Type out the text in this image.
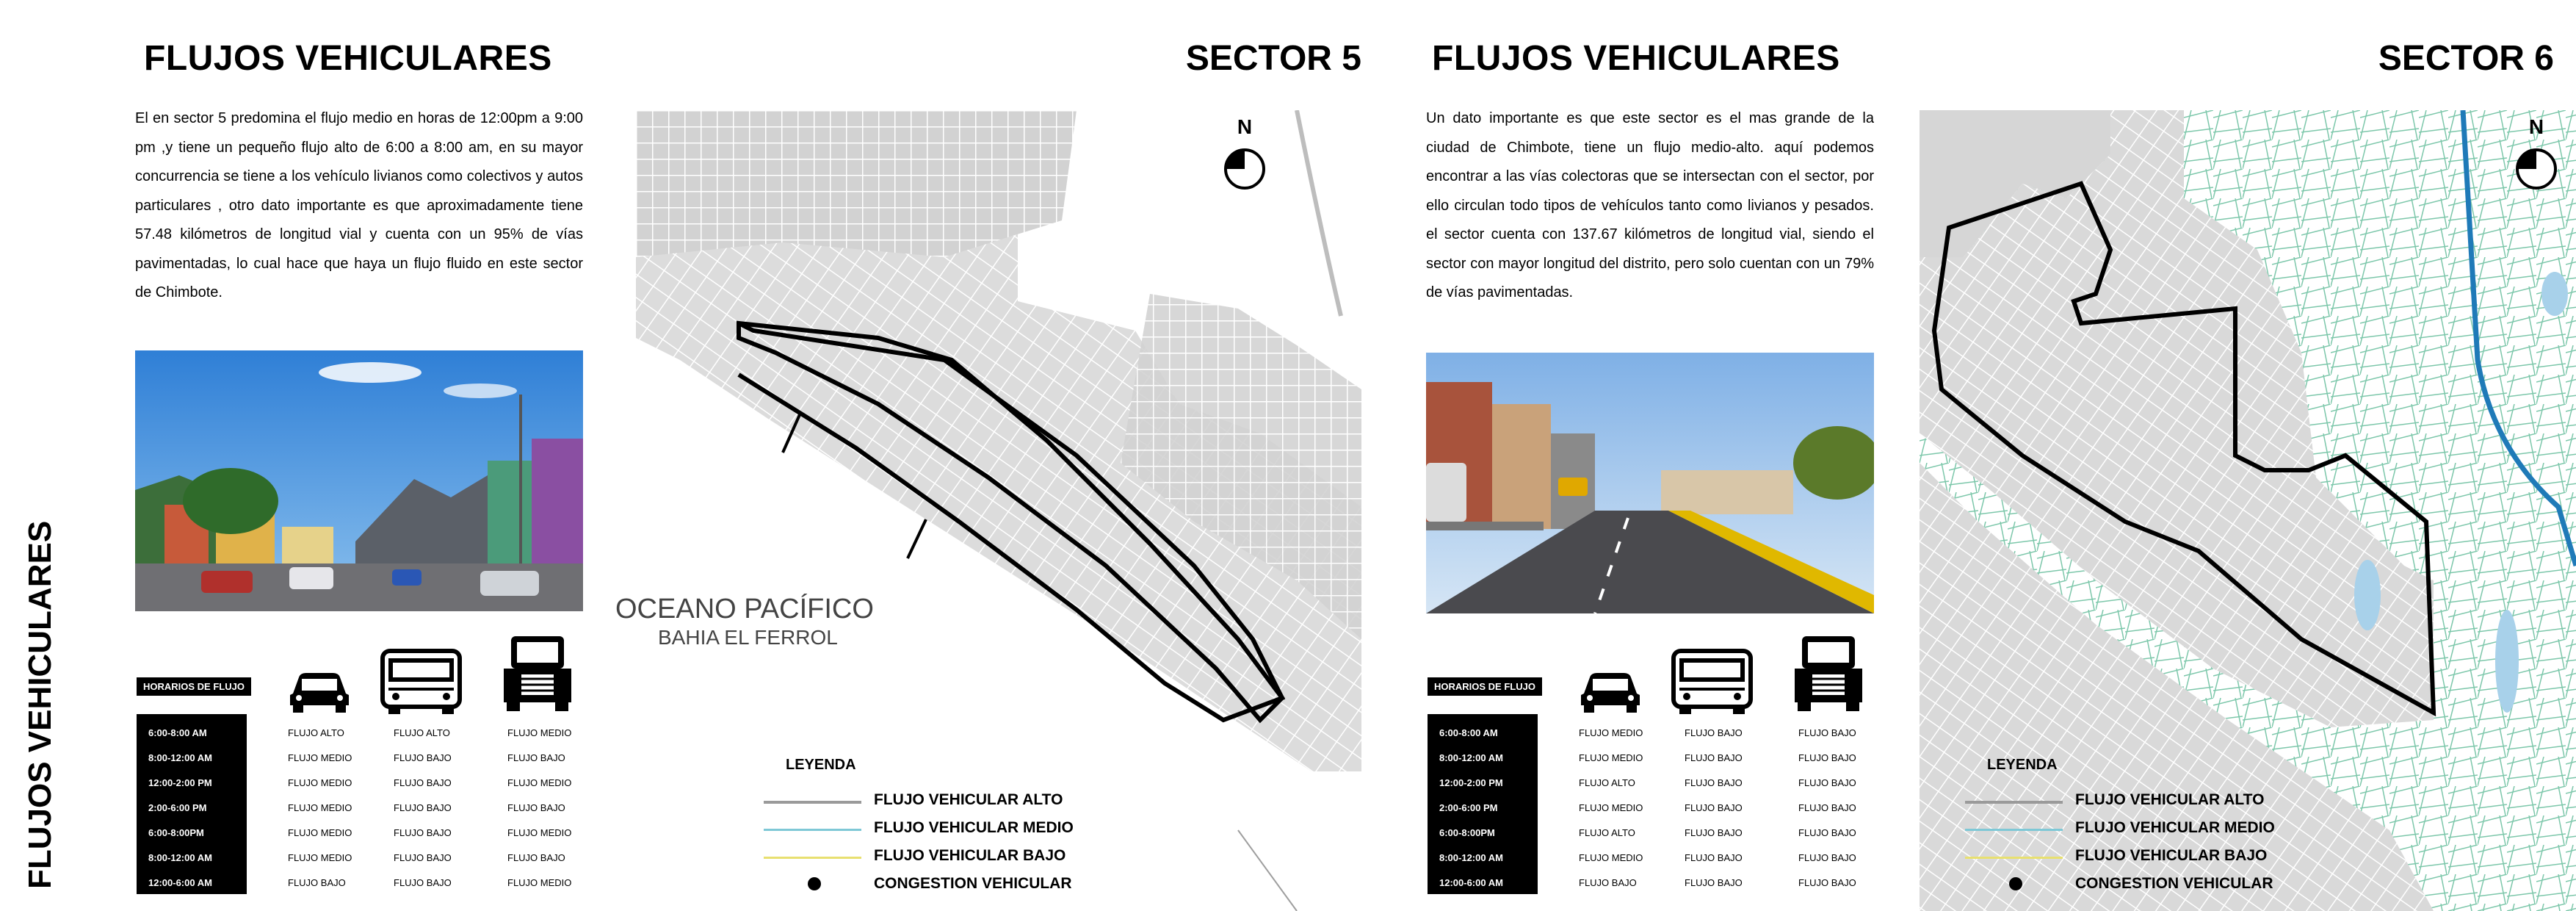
FLUJOS VEHICULARES
FLUJOS VEHICULARES	SECTOR 5

El en sector 5 predomina el flujo medio en horas de 12:00pm a 9:00 pm ,y tiene un pequeño flujo alto de 6:00 a 8:00 am, en su mayor concurrencia se tiene a los vehículo livianos como colectivos y autos particulares , otro dato importante es que aproximadamente tiene 57.48 kilómetros de longitud vial y cuenta con un 95% de vías pavimentadas, lo cual hace que haya un flujo fluido en este sector de Chimbote.

HORARIOS DE FLUJO
6:00-8:00 AM
8:00-12:00 AM
12:00-2:00 PM
2:00-6:00 PM
6:00-8:00PM
8:00-12:00 AM
12:00-6:00 AM
FLUJO ALTO
FLUJO MEDIO
FLUJO MEDIO
FLUJO MEDIO
FLUJO MEDIO
FLUJO MEDIO
FLUJO BAJO
FLUJO ALTO
FLUJO BAJO
FLUJO BAJO
FLUJO BAJO
FLUJO BAJO
FLUJO BAJO
FLUJO BAJO
FLUJO MEDIO
FLUJO BAJO
FLUJO MEDIO
FLUJO BAJO
FLUJO MEDIO
FLUJO BAJO
FLUJO MEDIO
N
OCEANO PACÍFICO
BAHIA EL FERROL
LEYENDA
FLUJO VEHICULAR ALTO
FLUJO VEHICULAR MEDIO
FLUJO VEHICULAR BAJO
CONGESTION VEHICULAR
FLUJOS VEHICULARES	SECTOR 6

Un dato importante es que este sector es el mas grande de la ciudad de Chimbote, tiene un flujo medio-alto. aquí podemos encontrar a las vías colectoras que se intersectan con el sector, por ello circulan todo tipos de vehículos tanto como livianos y pesados. el sector cuenta con 137.67 kilómetros de longitud vial, siendo el sector con mayor longitud del distrito, pero solo cuentan con un 79% de vías pavimentadas.

HORARIOS DE FLUJO
6:00-8:00 AM
8:00-12:00 AM
12:00-2:00 PM
2:00-6:00 PM
6:00-8:00PM
8:00-12:00 AM
12:00-6:00 AM
FLUJO MEDIO
FLUJO MEDIO
FLUJO ALTO
FLUJO MEDIO
FLUJO ALTO
FLUJO MEDIO
FLUJO BAJO
FLUJO BAJO
FLUJO BAJO
FLUJO BAJO
FLUJO BAJO
FLUJO BAJO
FLUJO BAJO
FLUJO BAJO
FLUJO BAJO
FLUJO BAJO
FLUJO BAJO
FLUJO BAJO
FLUJO BAJO
FLUJO BAJO
FLUJO BAJO
N
LEYENDA
FLUJO VEHICULAR ALTO
FLUJO VEHICULAR MEDIO
FLUJO VEHICULAR BAJO
CONGESTION VEHICULAR
